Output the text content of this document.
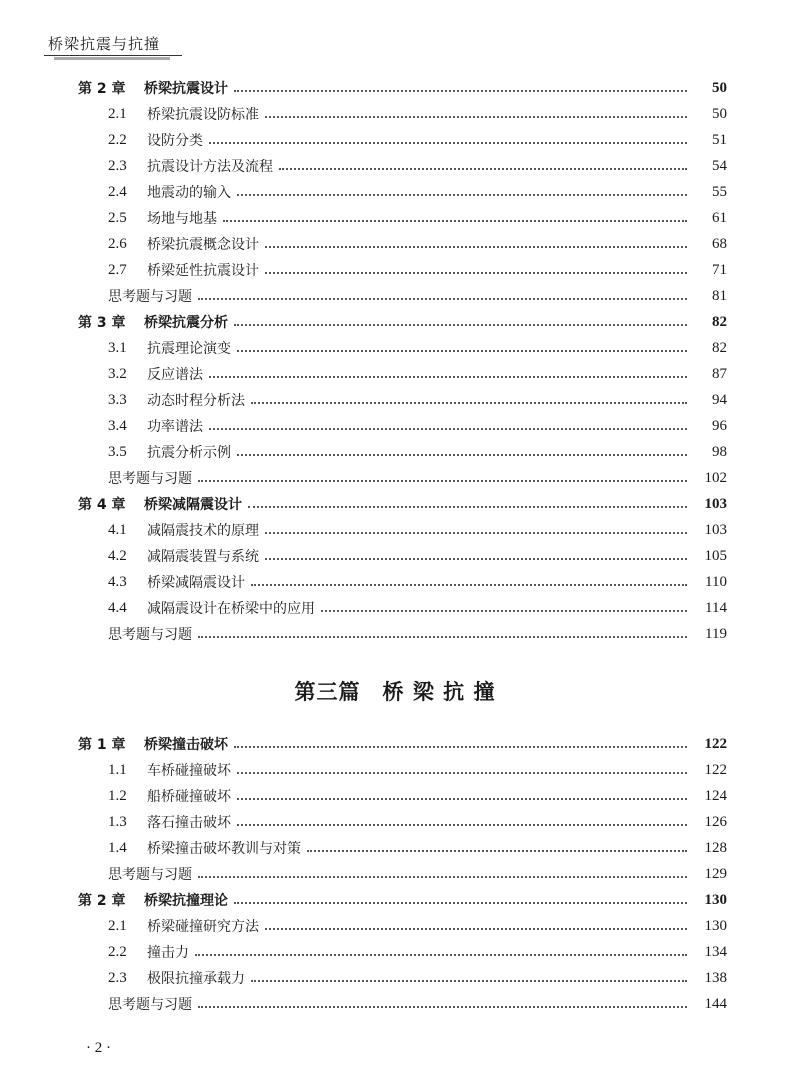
桥梁抗震与抗撞
第 2 章	桥梁抗震设计	50
2.1	桥梁抗震设防标准	50
2.2	设防分类	51
2.3	抗震设计方法及流程	54
2.4	地震动的输入	55
2.5	场地与地基	61
2.6	桥梁抗震概念设计	68
2.7	桥梁延性抗震设计	71
思考题与习题	81
第 3 章	桥梁抗震分析	82
3.1	抗震理论演变	82
3.2	反应谱法	87
3.3	动态时程分析法	94
3.4	功率谱法	96
3.5	抗震分析示例	98
思考题与习题	102
第 4 章	桥梁减隔震设计	103
4.1	减隔震技术的原理	103
4.2	减隔震装置与系统	105
4.3	桥梁减隔震设计	110
4.4	减隔震设计在桥梁中的应用	114
思考题与习题	119
第 1 章	桥梁撞击破坏	122
1.1	车桥碰撞破坏	122
1.2	船桥碰撞破坏	124
1.3	落石撞击破坏	126
1.4	桥梁撞击破坏教训与对策	128
思考题与习题	129
第 2 章	桥梁抗撞理论	130
2.1	桥梁碰撞研究方法	130
2.2	撞击力	134
2.3	极限抗撞承载力	138
思考题与习题	144
第三篇　桥 梁 抗 撞
· 2 ·
